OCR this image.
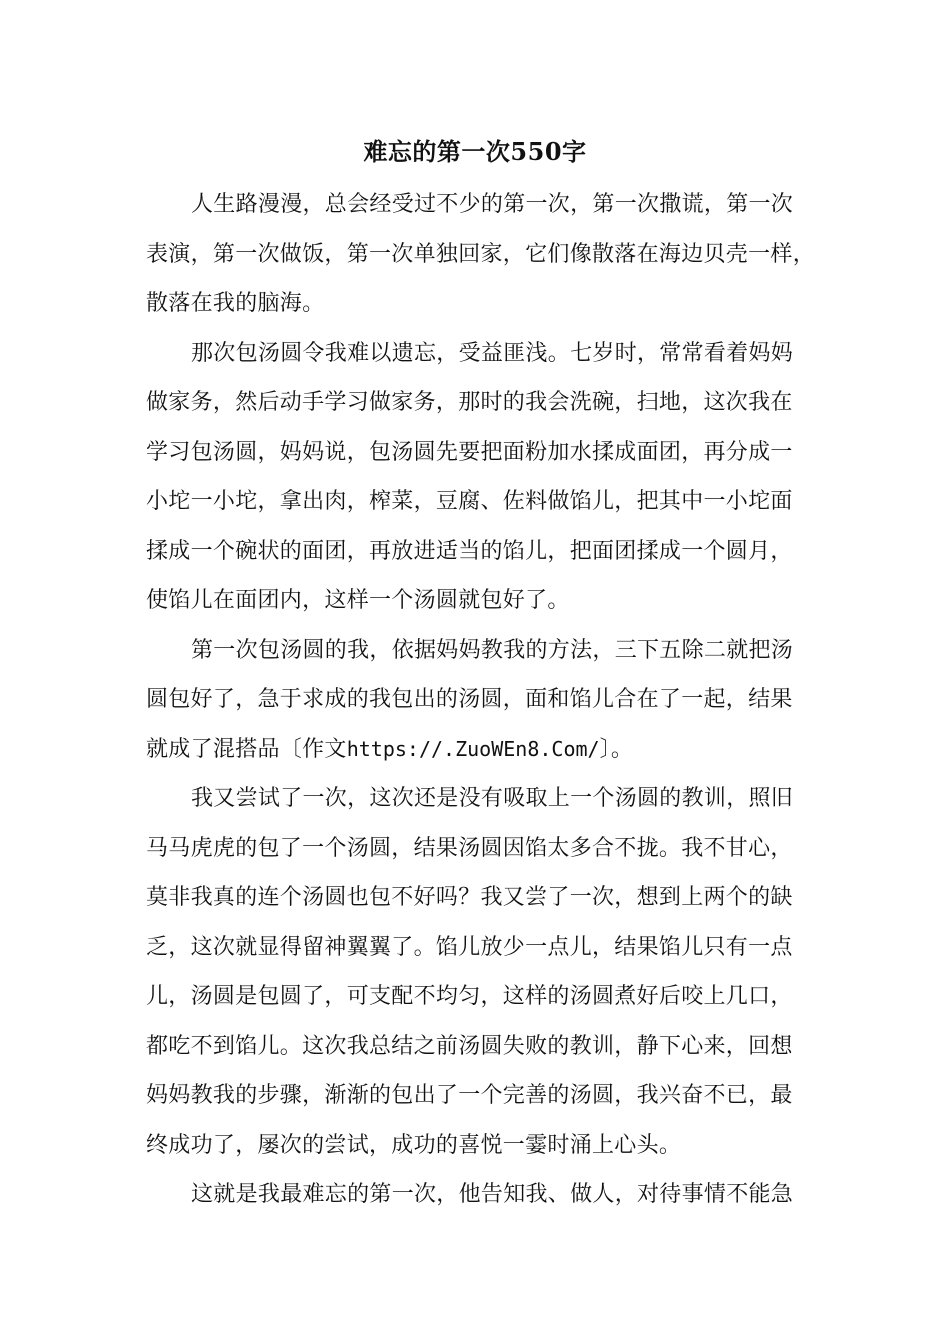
难忘的第一次550字
人生路漫漫，总会经受过不少的第一次，第一次撒谎，第一次
表演，第一次做饭，第一次单独回家，它们像散落在海边贝壳一样，
散落在我的脑海。
那次包汤圆令我难以遗忘，受益匪浅。七岁时，常常看着妈妈
做家务，然后动手学习做家务，那时的我会洗碗，扫地，这次我在
学习包汤圆，妈妈说，包汤圆先要把面粉加水揉成面团，再分成一
小坨一小坨，拿出肉，榨菜，豆腐、佐料做馅儿，把其中一小坨面
揉成一个碗状的面团，再放进适当的馅儿，把面团揉成一个圆月，
使馅儿在面团内，这样一个汤圆就包好了。
第一次包汤圆的我，依据妈妈教我的方法，三下五除二就把汤
圆包好了，急于求成的我包出的汤圆，面和馅儿合在了一起，结果
就成了混搭品〔作文https://.ZuoWEn8.Com/〕。
我又尝试了一次，这次还是没有吸取上一个汤圆的教训，照旧
马马虎虎的包了一个汤圆，结果汤圆因馅太多合不拢。我不甘心，
莫非我真的连个汤圆也包不好吗？我又尝了一次，想到上两个的缺
乏，这次就显得留神翼翼了。馅儿放少一点儿，结果馅儿只有一点
儿，汤圆是包圆了，可支配不均匀，这样的汤圆煮好后咬上几口，
都吃不到馅儿。这次我总结之前汤圆失败的教训，静下心来，回想
妈妈教我的步骤，渐渐的包出了一个完善的汤圆，我兴奋不已，最
终成功了，屡次的尝试，成功的喜悦一霎时涌上心头。
这就是我最难忘的第一次，他告知我、做人，对待事情不能急
